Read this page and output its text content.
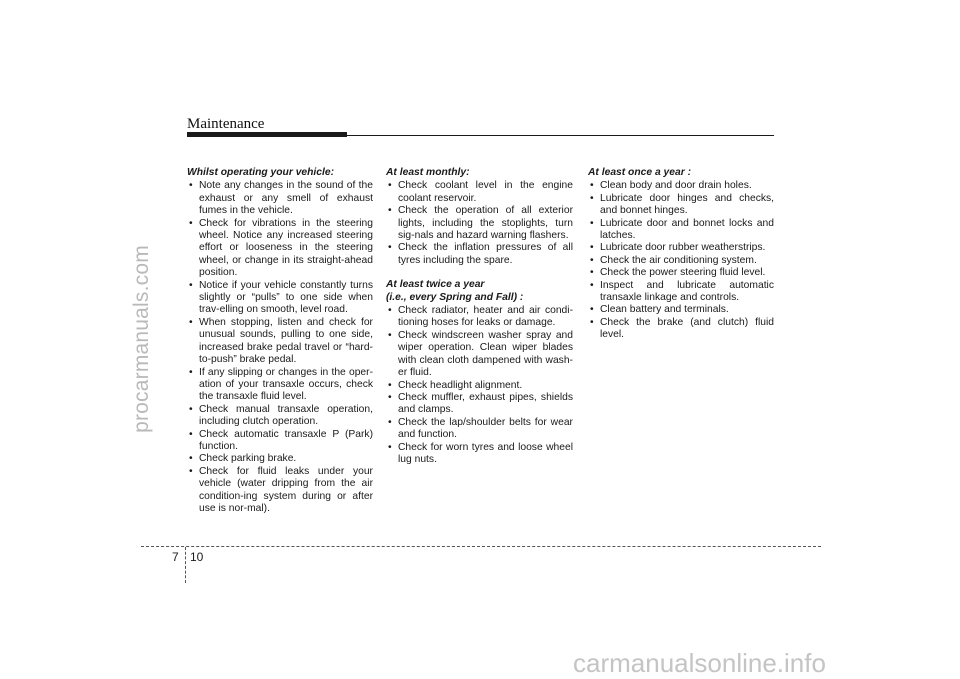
procarmanuals.com
Maintenance
Whilst operating your vehicle:
• Note any changes in the sound of the exhaust or any smell of exhaust fumes in the vehicle.
• Check for vibrations in the steering wheel. Notice any increased steering effort or looseness in the steering wheel, or change in its straight-ahead position.
• Notice if your vehicle constantly turns slightly or “pulls” to one side when trav-elling on smooth, level road.
• When stopping, listen and check for unusual sounds, pulling to one side, increased brake pedal travel or “hard-to-push” brake pedal.
• If any slipping or changes in the oper-ation of your transaxle occurs, check the transaxle fluid level.
• Check manual transaxle operation, including clutch operation.
• Check automatic transaxle P (Park) function.
• Check parking brake.
• Check for fluid leaks under your vehicle (water dripping from the air condition-ing system during or after use is nor-mal).
At least monthly:
• Check coolant level in the engine coolant reservoir.
• Check the operation of all exterior lights, including the stoplights, turn sig-nals and hazard warning flashers.
• Check the inflation pressures of all tyres including the spare.
At least twice a year
(i.e., every Spring and Fall) :
• Check radiator, heater and air condi-tioning hoses for leaks or damage.
• Check windscreen washer spray and wiper operation. Clean wiper blades with clean cloth dampened with wash-er fluid.
• Check headlight alignment.
• Check muffler, exhaust pipes, shields and clamps.
• Check the lap/shoulder belts for wear and function.
• Check for worn tyres and loose wheel lug nuts.
At least once a year :
• Clean body and door drain holes.
• Lubricate door hinges and checks, and bonnet hinges.
• Lubricate door and bonnet locks and latches.
• Lubricate door rubber weatherstrips.
• Check the air conditioning system.
• Check the power steering fluid level.
• Inspect and lubricate automatic transaxle linkage and controls.
• Clean battery and terminals.
• Check the brake (and clutch) fluid level.
7 10
carmanualsonline.info
